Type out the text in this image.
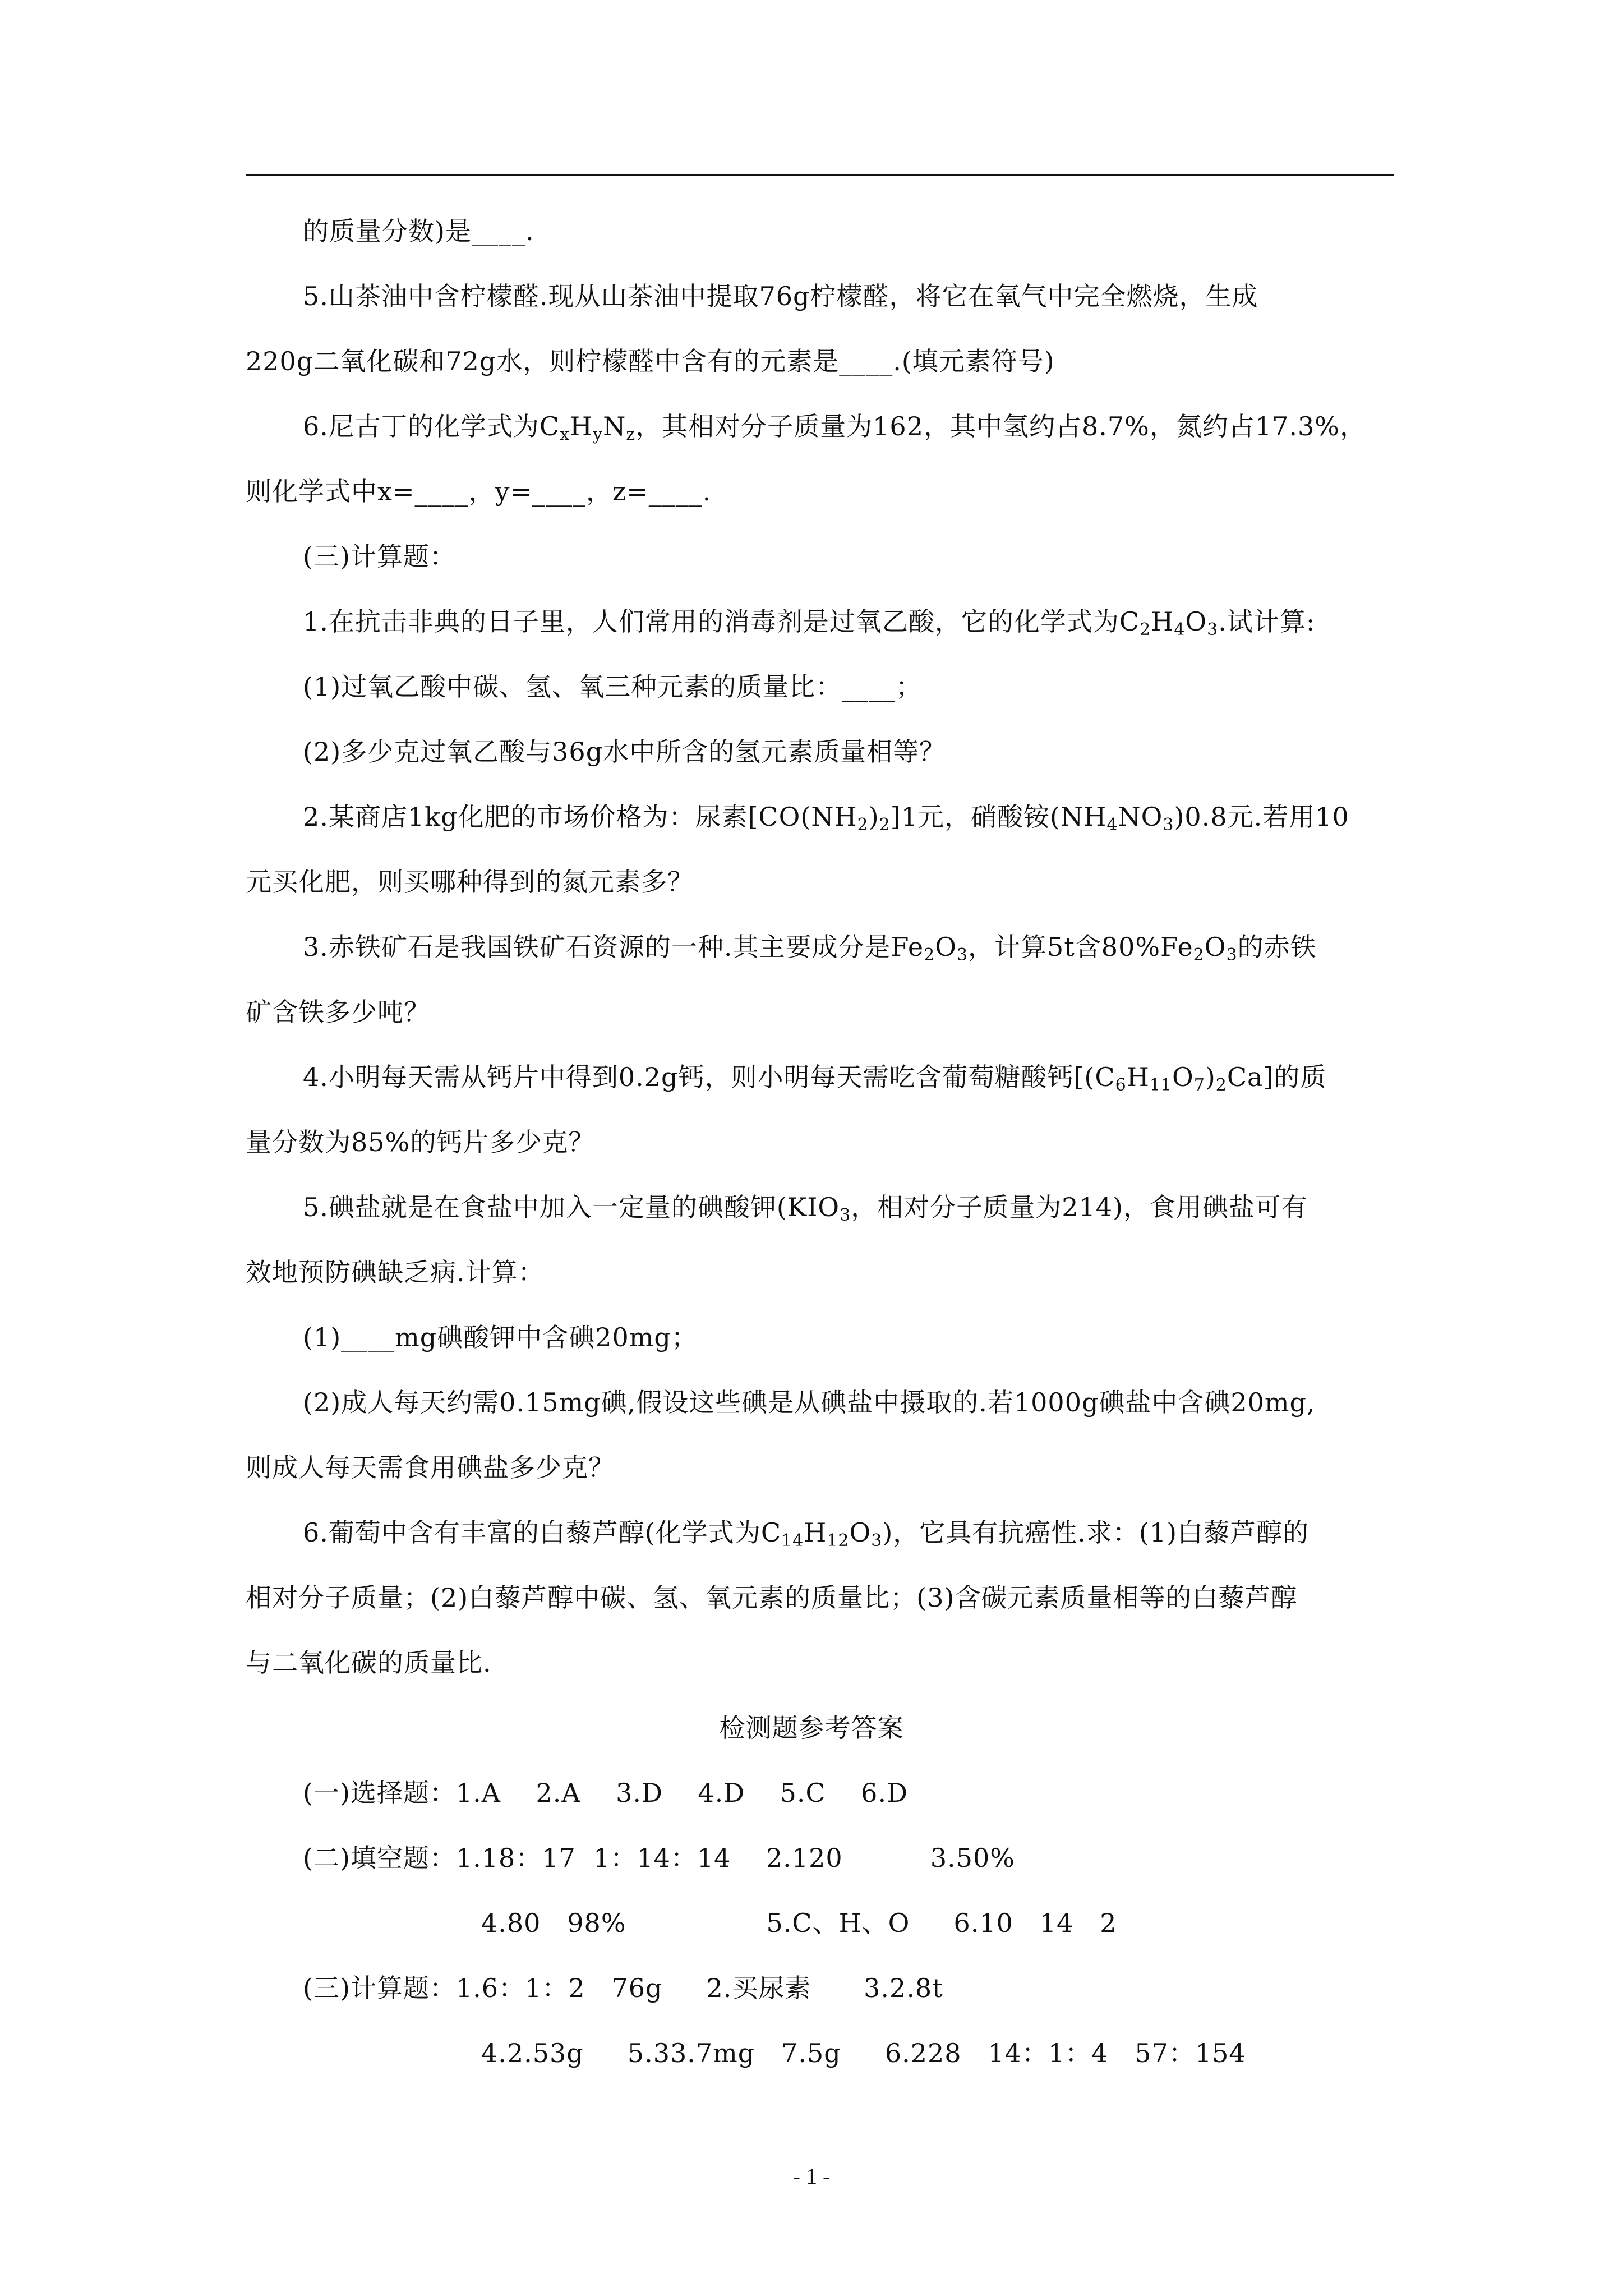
的质量分数)是____.
5.山茶油中含柠檬醛.现从山茶油中提取76g柠檬醛，将它在氧气中完全燃烧，生成
220g二氧化碳和72g水，则柠檬醛中含有的元素是____.(填元素符号)
6.尼古丁的化学式为$C_xH_yN_z$，其相对分子质量为162，其中氢约占8.7%，氮约占17.3%，
则化学式中x=____，y=____，z=____.
(三)计算题：
1.在抗击非典的日子里，人们常用的消毒剂是过氧乙酸，它的化学式为$C_2H_4O_3$.试计算:
(1)过氧乙酸中碳、氢、氧三种元素的质量比：____；
(2)多少克过氧乙酸与36g水中所含的氢元素质量相等？
2.某商店1kg化肥的市场价格为：尿素$[CO(NH_2)_2]1$元，硝酸铵$(NH_4NO_3)0.8$元.若用10
元买化肥，则买哪种得到的氮元素多？
3.赤铁矿石是我国铁矿石资源的一种.其主要成分是$Fe_2O_3$，计算5t含$80\%Fe_2O_3$的赤铁
矿含铁多少吨？
4.小明每天需从钙片中得到0.2g钙，则小明每天需吃含葡萄糖酸钙$[(C_6H_{11}O_7)_2Ca]$的质
量分数为85%的钙片多少克？
5.碘盐就是在食盐中加入一定量的碘酸钾($KIO_3$，相对分子质量为214)，食用碘盐可有
效地预防碘缺乏病.计算：
(1)____mg碘酸钾中含碘20mg；
(2)成人每天约需0.15mg碘,假设这些碘是从碘盐中摄取的.若1000g碘盐中含碘20mg,
则成人每天需食用碘盐多少克？
6.葡萄中含有丰富的白藜芦醇(化学式为$C_{14}H_{12}O_3$)，它具有抗癌性.求：(1)白藜芦醇的
相对分子质量；(2)白藜芦醇中碳、氢、氧元素的质量比；(3)含碳元素质量相等的白藜芦醇
与二氧化碳的质量比.
检测题参考答案
(一)选择题：1.A    2.A    3.D    4.D    5.C    6.D
(二)填空题：1.18：17  1：14：14    2.120          3.50%
4.80   98%                5.C、H、O     6.10   14   2
(三)计算题：1.6：1：2   76g     2.买尿素      3.2.8t
4.2.53g     5.33.7mg   7.5g     6.228   14：1：4   57：154
- 1 -
